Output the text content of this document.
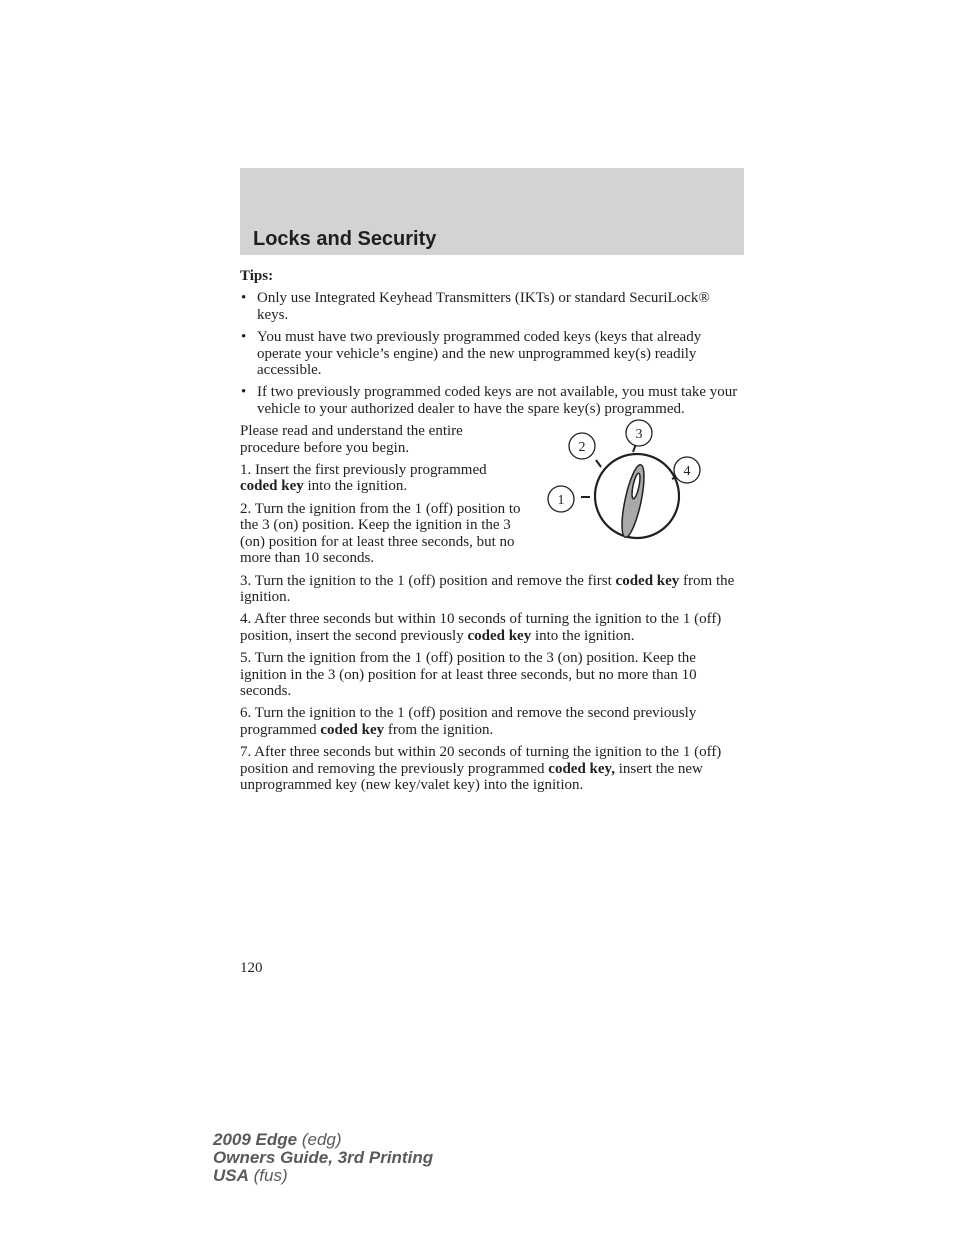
Locks and Security

Tips:

• Only use Integrated Keyhead Transmitters (IKTs) or standard SecuriLock® keys.
• You must have two previously programmed coded keys (keys that already operate your vehicle’s engine) and the new unprogrammed key(s) readily accessible.
• If two previously programmed coded keys are not available, you must take your vehicle to your authorized dealer to have the spare key(s) programmed.
1
2
3
4

Please read and understand the entire procedure before you begin.

1. Insert the first previously programmed coded key into the ignition.

2. Turn the ignition from the 1 (off) position to the 3 (on) position. Keep the ignition in the 3 (on) position for at least three seconds, but no more than 10 seconds.

3. Turn the ignition to the 1 (off) position and remove the first coded key from the ignition.

4. After three seconds but within 10 seconds of turning the ignition to the 1 (off) position, insert the second previously coded key into the ignition.

5. Turn the ignition from the 1 (off) position to the 3 (on) position. Keep the ignition in the 3 (on) position for at least three seconds, but no more than 10 seconds.

6. Turn the ignition to the 1 (off) position and remove the second previously programmed coded key from the ignition.

7. After three seconds but within 20 seconds of turning the ignition to the 1 (off) position and removing the previously programmed coded key, insert the new unprogrammed key (new key/valet key) into the ignition.

120
2009 Edge (edg)
Owners Guide, 3rd Printing
USA (fus)
